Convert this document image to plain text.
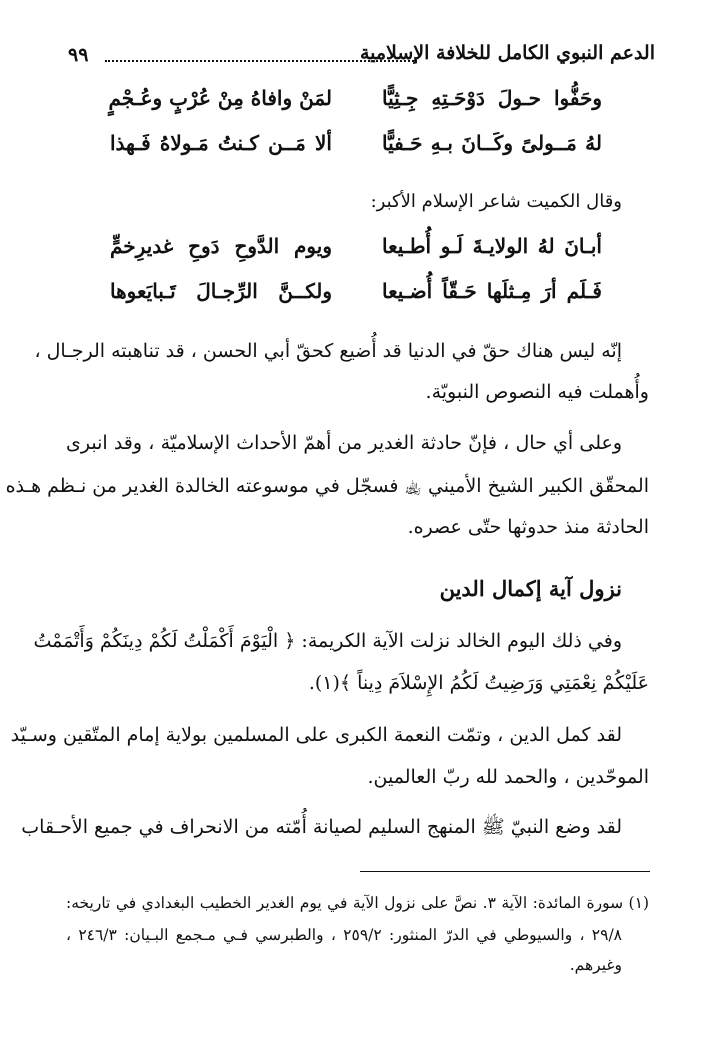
الدعم النبوي الكامل للخلافة الإسلامية
٩٩
لمَنْ وافاهُ مِنْ عُرْبٍ وعُـجْمٍ	وحَفُّوا حـولَ دَوْحَـتِهِ جِـثِيًّا
ألا مَــن كـنتُ مَـولاهُ فَـهذا	لهُ مَــولىً وكَــانَ بـهِ حَـفيًّا
وقال الكميت شاعر الإسلام الأكبر:
ويوم الدَّوحِ دَوحِ غديرِخمٍّ	أبـانَ لهُ الولايـةَ لَـو أُطـيعا
ولكــنَّ الرِّجـالَ تَـبايَعوها	فَـلَم أرَ مِـثلَها حَـقّاً أُضـيعا
إنّه ليس هناك حقّ في الدنيا قد أُضيع كحقّ أبي الحسن ، قد تناهبته الرجـال ،
وأُهملت فيه النصوص النبويّة.
وعلى أي حال ، فإنّ حادثة الغدير من أهمّ الأحداث الإسلاميّة ، وقد انبرى
المحقّق الكبير الشيخ الأميني ﵀ فسجّل في موسوعته الخالدة الغدير من نـظم هـذه
الحادثة منذ حدوثها حتّى عصره.
نزول آية إكمال الدين
وفي ذلك اليوم الخالد نزلت الآية الكريمة: ﴿ الْيَوْمَ أَكْمَلْتُ لَكُمْ دِينَكُمْ وَأَتْمَمْتُ
عَلَيْكُمْ نِعْمَتِي وَرَضِيتُ لَكُمُ الإِسْلاَمَ دِيناً ﴾(١).
لقد كمل الدين ، وتمّت النعمة الكبرى على المسلمين بولاية إمام المتّقين وسـيّد
الموحّدين ، والحمد لله ربّ العالمين.
لقد وضع النبيّ ﷺ المنهج السليم لصيانة أُمّته من الانحراف في جميع الأحـقاب
(١) سورة المائدة: الآية ٣. نصَّ على نزول الآية في يوم الغدير الخطيب البغدادي في تاريخه:
٢٩/٨ ، والسيوطي في الدرّ المنثور: ٢٥٩/٢ ، والطبرسي فـي مـجمع البـيان: ٢٤٦/٣ ،
وغيرهم.
